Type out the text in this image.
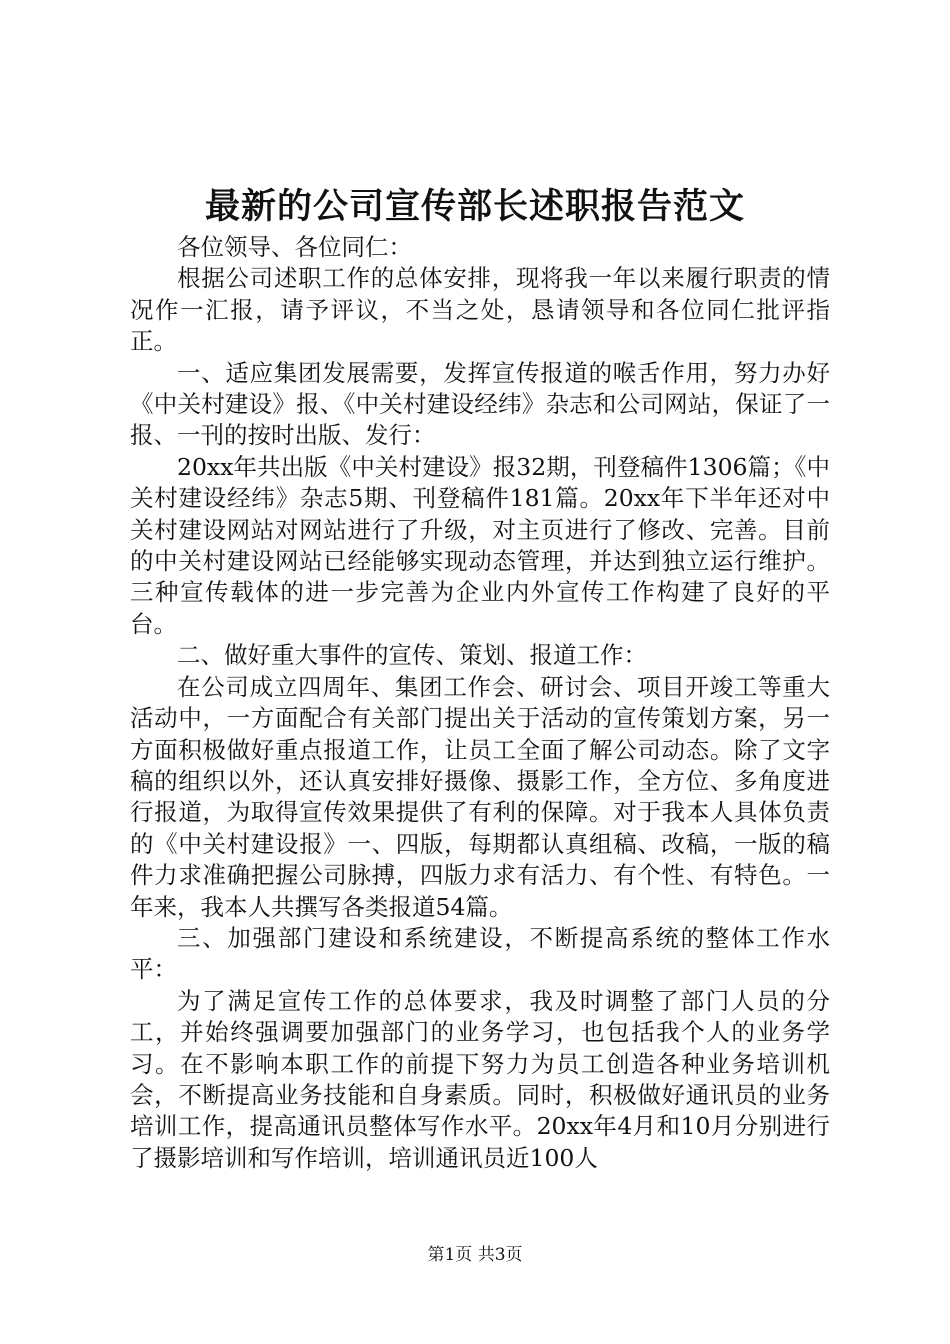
最新的公司宣传部长述职报告范文

各位领导、各位同仁：

根据公司述职工作的总体安排，现将我一年以来履行职责的情况作一汇报，请予评议，不当之处，恳请领导和各位同仁批评指正。

一、适应集团发展需要，发挥宣传报道的喉舌作用，努力办好《中关村建设》报、《中关村建设经纬》杂志和公司网站，保证了一报、一刊的按时出版、发行：

20xx年共出版《中关村建设》报32期，刊登稿件1306篇；《中关村建设经纬》杂志5期、刊登稿件181篇。20xx年下半年还对中关村建设网站对网站进行了升级，对主页进行了修改、完善。目前的中关村建设网站已经能够实现动态管理，并达到独立运行维护。三种宣传载体的进一步完善为企业内外宣传工作构建了良好的平台。

二、做好重大事件的宣传、策划、报道工作：

在公司成立四周年、集团工作会、研讨会、项目开竣工等重大活动中，一方面配合有关部门提出关于活动的宣传策划方案，另一方面积极做好重点报道工作，让员工全面了解公司动态。除了文字稿的组织以外，还认真安排好摄像、摄影工作，全方位、多角度进行报道，为取得宣传效果提供了有利的保障。对于我本人具体负责的《中关村建设报》一、四版，每期都认真组稿、改稿，一版的稿件力求准确把握公司脉搏，四版力求有活力、有个性、有特色。一年来，我本人共撰写各类报道54篇。

三、加强部门建设和系统建设，不断提高系统的整体工作水平：

为了满足宣传工作的总体要求，我及时调整了部门人员的分工，并始终强调要加强部门的业务学习，也包括我个人的业务学习。在不影响本职工作的前提下努力为员工创造各种业务培训机会，不断提高业务技能和自身素质。同时，积极做好通讯员的业务培训工作，提高通讯员整体写作水平。20xx年4月和10月分别进行了摄影培训和写作培训，培训通讯员近100人

第1页 共3页
